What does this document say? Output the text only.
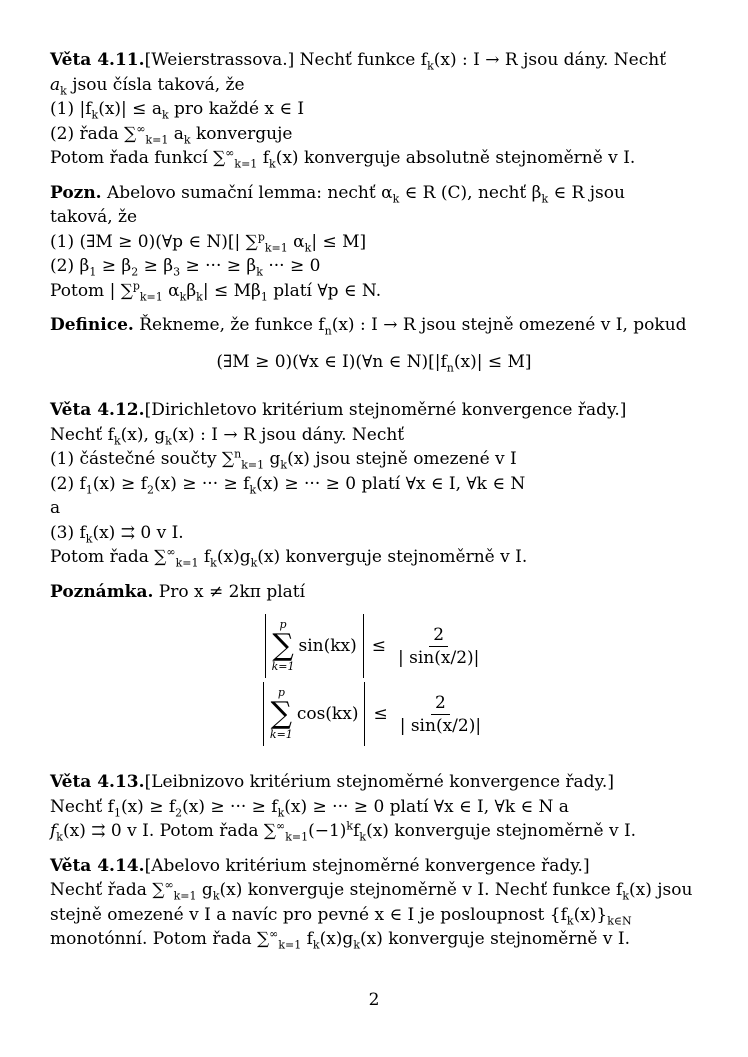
Věta 4.11.[Weierstrassova.] Nechť funkce $f_k(x)$ : I → R jsou dány. Nechť

$a_k$ jsou čísla taková, že

(1) $|f_k(x)| \le a_k$ pro každé x ∈ I

(2) řada $\sum^\infty_{k=1}$ $a_k$ konverguje

Potom řada funkcí $\sum^\infty_{k=1}$ $f_k(x)$ konverguje absolutně stejnoměrně v I.

Pozn. Abelovo sumační lemma: nechť $\alpha_k$ ∈ R (C), nechť $\beta_k$ ∈ R jsou

taková, že

(1) (∃M ≥ 0)(∀p ∈ N)[| ∑$^p_{k=1}$ $\alpha_k| \le M$]

(2) $\beta_1 \ge \beta_2 \ge \beta_3$ ≥ ··· ≥ $\beta_k$ ··· ≥ 0

Potom | ∑$^p_{k=1}$ $\alpha_k\beta_k| \le M\beta_1$ platí ∀p ∈ N.

Definice. Řekneme, že funkce $f_n(x)$ : I → R jsou stejně omezené v I, pokud

(∃M ≥ 0)(∀x ∈ I)(∀n ∈ $N)[|f_n(x)| \le M]$

Věta 4.12.[Dirichletovo kritérium stejnoměrné konvergence řady.]

Nechť $f_k(x)$, $g_k(x)$ : I → R jsou dány. Nechť

(1) částečné součty ∑$^n_{k=1}$ $g_k(x)$ jsou stejně omezené v I

(2) $f_1(x) \ge f_2(x)$ ≥ ··· ≥ $f_k(x)$ ≥ ··· ≥ 0 platí ∀x ∈ I, ∀k ∈ N

a

(3) $f_k(x)$ ⇉ 0 v I.

Potom řada $\sum^\infty_{k=1}$ $f_k(x)g_k(x)$ konverguje stejnoměrně v I.

Poznámka. Pro x ≠ 2kπ platí

p
∑
k=1
$\sin(kx) \le \frac{2}{| \sin(x/2)|}$
p
∑
k=1
$\cos(kx) \le \frac{2}{| \sin(x/2)|}$

Věta 4.13.[Leibnizovo kritérium stejnoměrné konvergence řady.]

Nechť $f_1(x) \ge f_2(x)$ ≥ ··· ≥ $f_k(x)$ ≥ ··· ≥ 0 platí ∀x ∈ I, ∀k ∈ N a

$f_k(x)$ ⇉ 0 v I. Potom řada $\sum^\infty_{k=1}(-1)^kf_k(x)$ konverguje stejnoměrně v I.

Věta 4.14.[Abelovo kritérium stejnoměrné konvergence řady.]

Nechť řada $\sum^\infty_{k=1}$ $g_k(x)$ konverguje stejnoměrně v I. Nechť funkce $f_k(x)$ jsou

stejně omezené v I a navíc pro pevné x ∈ I je posloupnost $\{f_k(x)\}_{k\in N}$

monotónní. Potom řada $\sum^\infty_{k=1}$ $f_k(x)g_k(x)$ konverguje stejnoměrně v I.

2
